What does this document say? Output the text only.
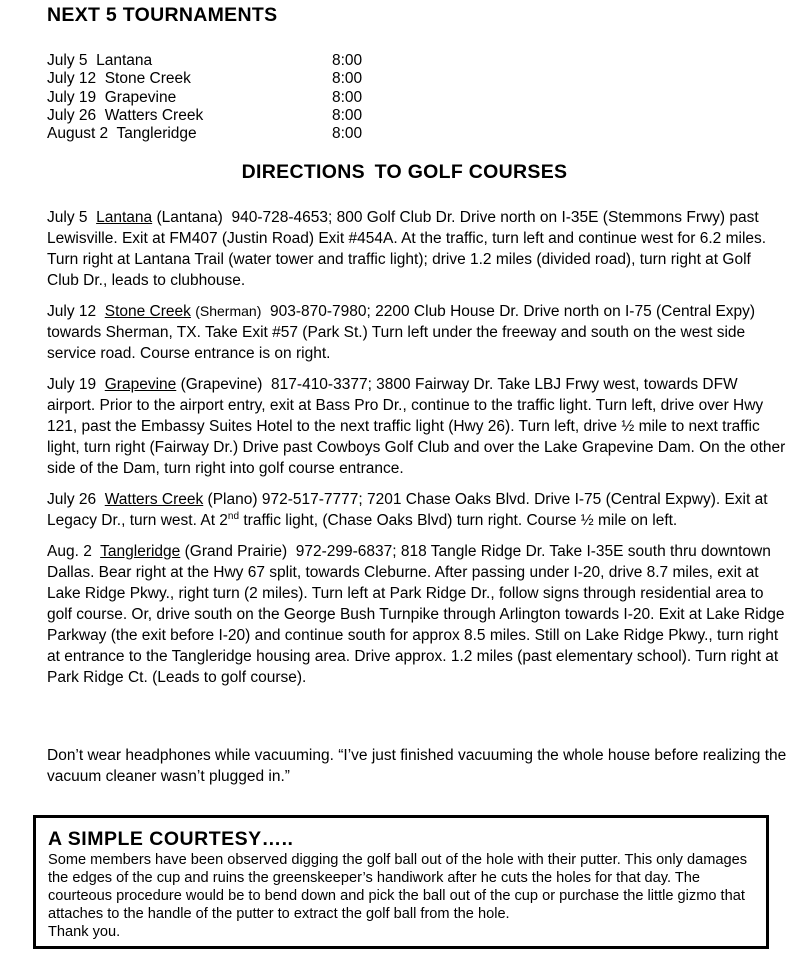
NEXT 5 TOURNAMENTS
July 5  Lantana	8:00
July 12  Stone Creek	8:00
July 19  Grapevine	8:00
July 26  Watters Creek	8:00
August 2  Tangleridge	8:00
DIRECTIONS TO GOLF COURSES

July 5 Lantana (Lantana) 940-728-4653; 800 Golf Club Dr. Drive north on I-35E (Stemmons Frwy) past Lewisville. Exit at FM407 (Justin Road) Exit #454A. At the traffic, turn left and continue west for 6.2 miles. Turn right at Lantana Trail (water tower and traffic light); drive 1.2 miles (divided road), turn right at Golf Club Dr., leads to clubhouse.

July 12 Stone Creek (Sherman) 903-870-7980; 2200 Club House Dr. Drive north on I-75 (Central Expy) towards Sherman, TX. Take Exit #57 (Park St.) Turn left under the freeway and south on the west side service road. Course entrance is on right.

July 19 Grapevine (Grapevine) 817-410-3377; 3800 Fairway Dr. Take LBJ Frwy west, towards DFW airport. Prior to the airport entry, exit at Bass Pro Dr., continue to the traffic light. Turn left, drive over Hwy 121, past the Embassy Suites Hotel to the next traffic light (Hwy 26). Turn left, drive ½ mile to next traffic light, turn right (Fairway Dr.) Drive past Cowboys Golf Club and over the Lake Grapevine Dam. On the other side of the Dam, turn right into golf course entrance.

July 26 Watters Creek (Plano) 972-517-7777; 7201 Chase Oaks Blvd. Drive I-75 (Central Expwy). Exit at Legacy Dr., turn west. At 2nd traffic light, (Chase Oaks Blvd) turn right. Course ½ mile on left.

Aug. 2 Tangleridge (Grand Prairie) 972-299-6837; 818 Tangle Ridge Dr. Take I-35E south thru downtown Dallas. Bear right at the Hwy 67 split, towards Cleburne. After passing under I-20, drive 8.7 miles, exit at Lake Ridge Pkwy., right turn (2 miles). Turn left at Park Ridge Dr., follow signs through residential area to golf course. Or, drive south on the George Bush Turnpike through Arlington towards I-20. Exit at Lake Ridge Parkway (the exit before I-20) and continue south for approx 8.5 miles. Still on Lake Ridge Pkwy., turn right at entrance to the Tangleridge housing area. Drive approx. 1.2 miles (past elementary school). Turn right at Park Ridge Ct. (Leads to golf course).

Don’t wear headphones while vacuuming. “I’ve just finished vacuuming the whole house before realizing the vacuum cleaner wasn’t plugged in.”
A SIMPLE COURTESY…..
Some members have been observed digging the golf ball out of the hole with their putter. This only damages the edges of the cup and ruins the greenskeeper’s handiwork after he cuts the holes for that day. The courteous procedure would be to bend down and pick the ball out of the cup or purchase the little gizmo that attaches to the handle of the putter to extract the golf ball from the hole.
Thank you.
